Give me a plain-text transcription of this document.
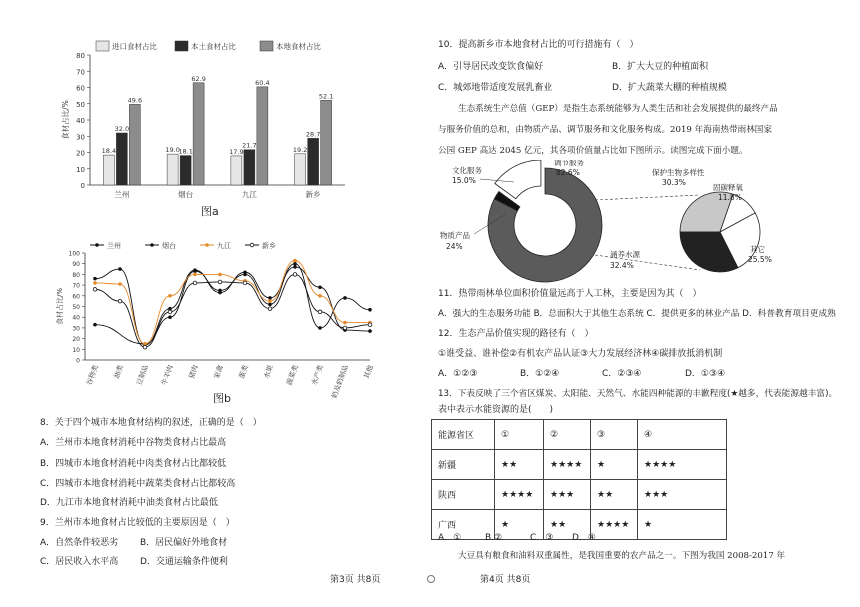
0
10
20
30
40
50
60
70
80
食材占比/%
18.4
32.0
49.6
兰州
19.0
18.1
62.9
烟台
17.9
21.7
60.4
九江
19.2
28.7
52.1
新乡
进口食材占比	本土食材占比	本地食材占比
图a
0
10
20
30
40
50
60
70
80
90
100
食材占比/%
谷物类 油类 豆制品 牛羊肉 猪肉 家禽 蛋类 水果 蔬菜类 水产类 奶及奶制品 其他
兰州	烟台	九江	新乡
图b
8．关于四个城市本地食材结构的叙述，正确的是（　）
A．兰州市本地食材消耗中谷物类食材占比最高
B．四城市本地食材消耗中肉类食材占比都较低
C．四城市本地食材消耗中蔬菜类食材占比都较高
D．九江市本地食材消耗中油类食材占比最低
9．兰州市本地食材占比较低的主要原因是（　）
A．自然条件较恶劣 B．居民偏好外地食材
C．居民收入水平高 D．交通运输条件便利
第3页 共8页	第4页 共8页
10．提高新乡市本地食材占比的可行措施有（　）
A．引导居民改变饮食偏好	B．扩大大豆的种植面积
C．城郊地带适度发展乳畜业	D．扩大蔬菜大棚的种植规模
生态系统生产总值（GEP）是指生态系统能够为人类生活和社会发展提供的最终产品
与服务价值的总和，由物质产品、调节服务和文化服务构成。2019 年海南热带雨林国家
公园 GEP 高达 2045 亿元，其各项价值量占比如下图所示。读图完成下面小题。
文化服务
15.0%
调节服务
82.6%
物质产品
24%
保护生物多样性
30.3%
固碳释氧
11.8%
其它
25.5%
涵养水源
32.4%
11．热带雨林单位面积价值量远高于人工林，主要是因为其（　）
A．强大的生态服务功能 B．总面积大于其他生态系统 C．提供更多的林业产品 D．科普教育项目更成熟
12．生态产品价值实现的路径有（　）
①谁受益、谁补偿②有机农产品认证③大力发展经济林④碳排放抵消机制
A．①②③	B．①②④	C．②③④	D．①③④
13．下表反映了三个省区煤炭、太阳能、天然气、水能四种能源的丰歉程度(★越多，代表能源越丰富)。
表中表示水能资源的是(　　)
能源省区	①	②	③	④
新疆	★★	★★★★	★	★★★★
陕西	★★★★	★★★	★★	★★★
广西	★	★★	★★★★	★
A．①	B.②	C．③ D．④
大豆具有粮食和油料双重属性，是我国重要的农产品之一。下图为我国 2008-2017 年
